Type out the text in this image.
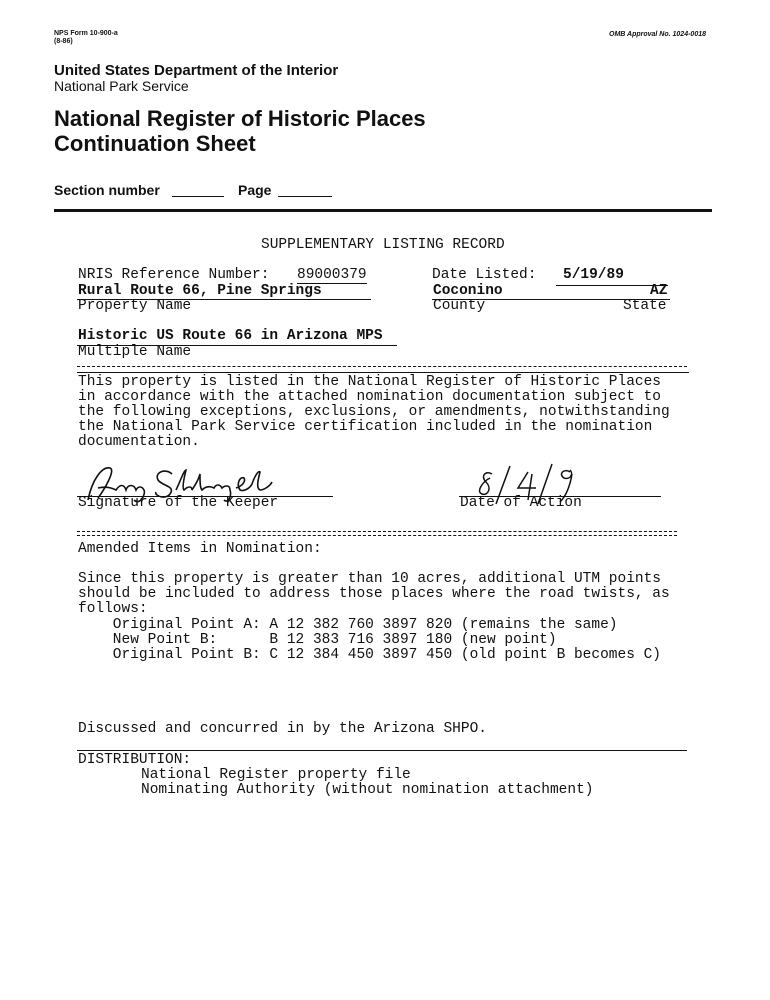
NPS Form 10-900-a
(8-86)
OMB Approval No. 1024-0018
United States Department of the Interior
National Park Service
National Register of Historic Places
Continuation Sheet
Section number	Page
SUPPLEMENTARY LISTING RECORD
NRIS Reference Number: 89000379	Date Listed: 5/19/89
Rural Route 66, Pine Springs	Coconino	AZ
Property Name	County	State
Historic US Route 66 in Arizona MPS
Multiple Name
This property is listed in the National Register of Historic Places
in accordance with the attached nomination documentation subject to
the following exceptions, exclusions, or amendments, notwithstanding
the National Park Service certification included in the nomination
documentation.
Signature of the Keeper	Date of Action
Amended Items in Nomination:
Since this property is greater than 10 acres, additional UTM points
should be included to address those places where the road twists, as
follows:
Original Point A: A 12 382 760 3897 820 (remains the same)
New Point B:      B 12 383 716 3897 180 (new point)
Original Point B: C 12 384 450 3897 450 (old point B becomes C)
Discussed and concurred in by the Arizona SHPO.
DISTRIBUTION:
National Register property file
Nominating Authority (without nomination attachment)
